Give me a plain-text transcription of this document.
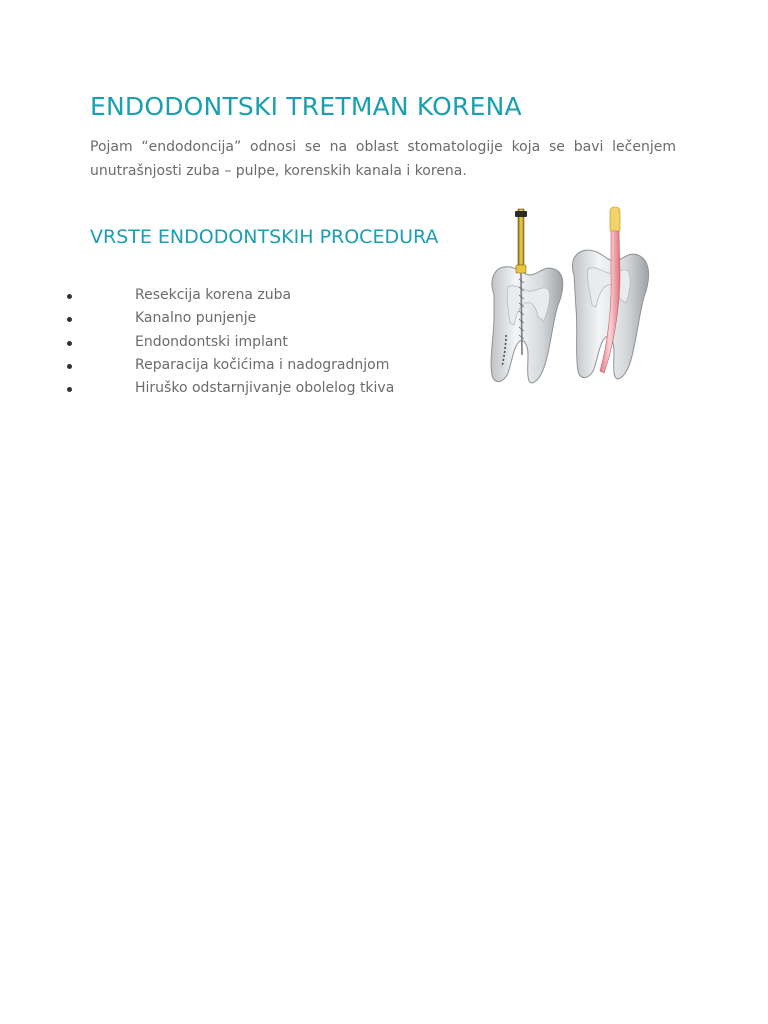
ENDODONTSKI TRETMAN KORENA

Pojam “endodoncija” odnosi se na oblast stomatologije koja se bavi lečenjem unutrašnjosti zuba – pulpe, korenskih kanala i korena.

VRSTE ENDODONTSKIH PROCEDURA
Resekcija korena zuba
Kanalno punjenje
Endondontski implant
Reparacija kočićima i nadogradnjom
Hiruško odstarnjivanje obolelog tkiva
